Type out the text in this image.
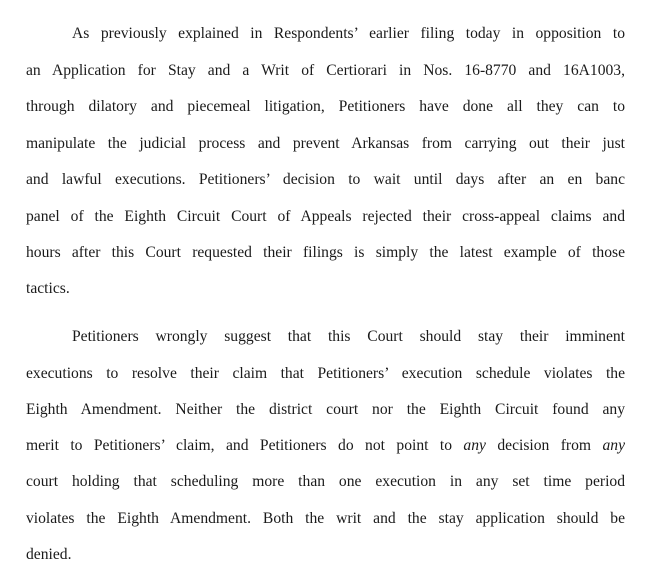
As previously explained in Respondents’ earlier filing today in opposition to
an Application for Stay and a Writ of Certiorari in Nos. 16-8770 and 16A1003,
through dilatory and piecemeal litigation, Petitioners have done all they can to
manipulate the judicial process and prevent Arkansas from carrying out their just
and lawful executions. Petitioners’ decision to wait until days after an en banc
panel of the Eighth Circuit Court of Appeals rejected their cross-appeal claims and
hours after this Court requested their filings is simply the latest example of those
tactics.
Petitioners wrongly suggest that this Court should stay their imminent
executions to resolve their claim that Petitioners’ execution schedule violates the
Eighth Amendment. Neither the district court nor the Eighth Circuit found any
merit to Petitioners’ claim, and Petitioners do not point to any decision from any
court holding that scheduling more than one execution in any set time period
violates the Eighth Amendment. Both the writ and the stay application should be
denied.
